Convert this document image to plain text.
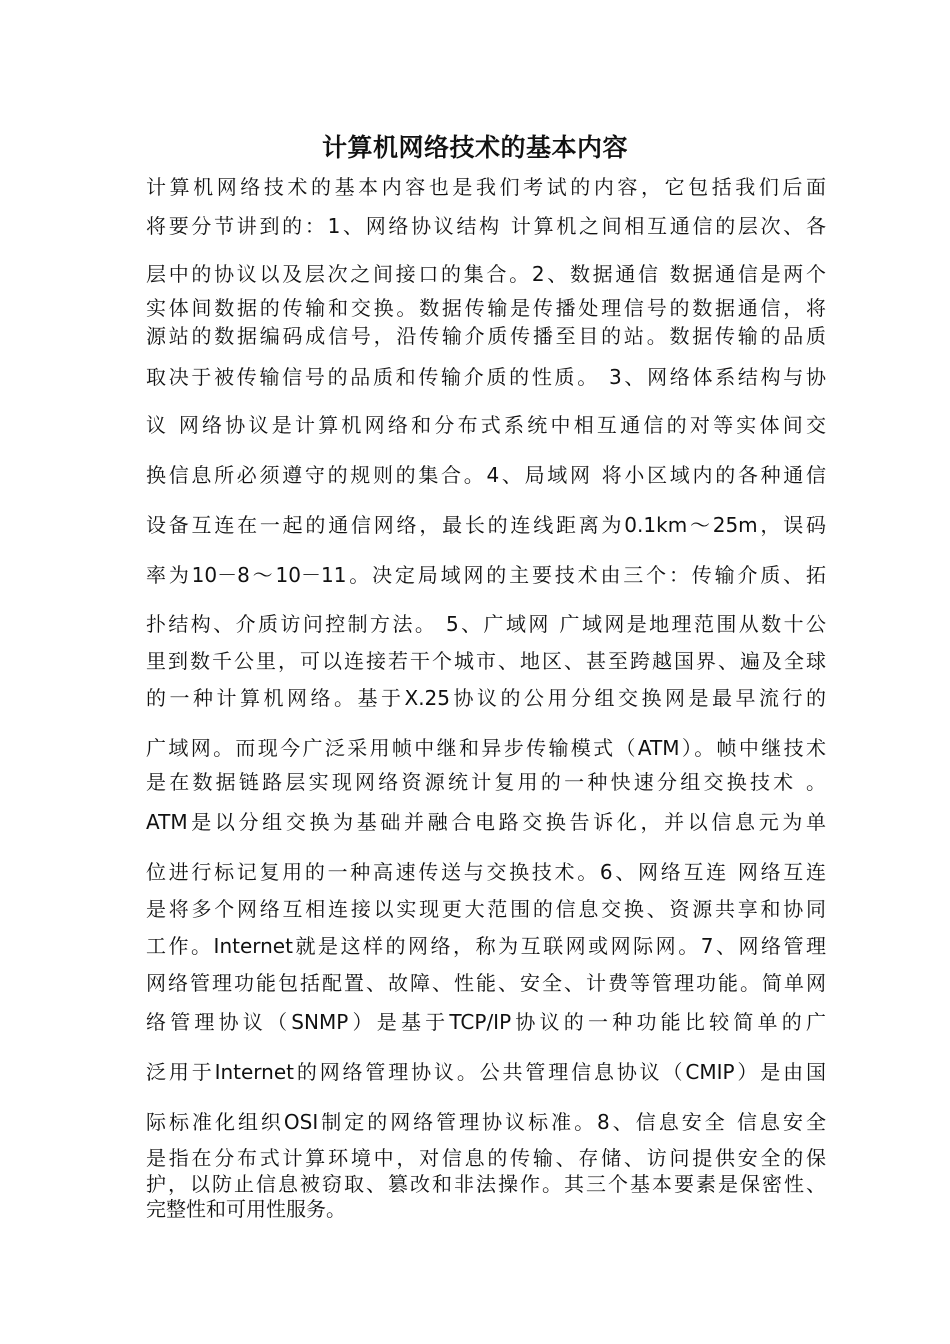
计算机网络技术的基本内容
计算机网络技术的基本内容也是我们考试的内容，它包括我们后面
将要分节讲到的：1、网络协议结构 计算机之间相互通信的层次、各
层中的协议以及层次之间接口的集合。2、数据通信 数据通信是两个
实体间数据的传输和交换。数据传输是传播处理信号的数据通信，将
源站的数据编码成信号，沿传输介质传播至目的站。数据传输的品质
取决于被传输信号的品质和传输介质的性质。 3、网络体系结构与协
议 网络协议是计算机网络和分布式系统中相互通信的对等实体间交
换信息所必须遵守的规则的集合。4、局域网 将小区域内的各种通信
设备互连在一起的通信网络，最长的连线距离为0.1km～25m，误码
率为10－8～10－11。决定局域网的主要技术由三个：传输介质、拓
扑结构、介质访问控制方法。 5、广域网 广域网是地理范围从数十公
里到数千公里，可以连接若干个城市、地区、甚至跨越国界、遍及全球
的一种计算机网络。基于X.25协议的公用分组交换网是最早流行的
广域网。而现今广泛采用帧中继和异步传输模式（ATM）。帧中继技术
是在数据链路层实现网络资源统计复用的一种快速分组交换技术 。
ATM是以分组交换为基础并融合电路交换告诉化，并以信息元为单
位进行标记复用的一种高速传送与交换技术。6、网络互连 网络互连
是将多个网络互相连接以实现更大范围的信息交换、资源共享和协同
工作。Internet就是这样的网络，称为互联网或网际网。7、网络管理
网络管理功能包括配置、故障、性能、安全、计费等管理功能。简单网
络管理协议（SNMP）是基于TCP/IP协议的一种功能比较简单的广
泛用于Internet的网络管理协议。公共管理信息协议（CMIP）是由国
际标准化组织OSI制定的网络管理协议标准。8、信息安全 信息安全
是指在分布式计算环境中，对信息的传输、存储、访问提供安全的保
护，以防止信息被窃取、篡改和非法操作。其三个基本要素是保密性、
完整性和可用性服务。
